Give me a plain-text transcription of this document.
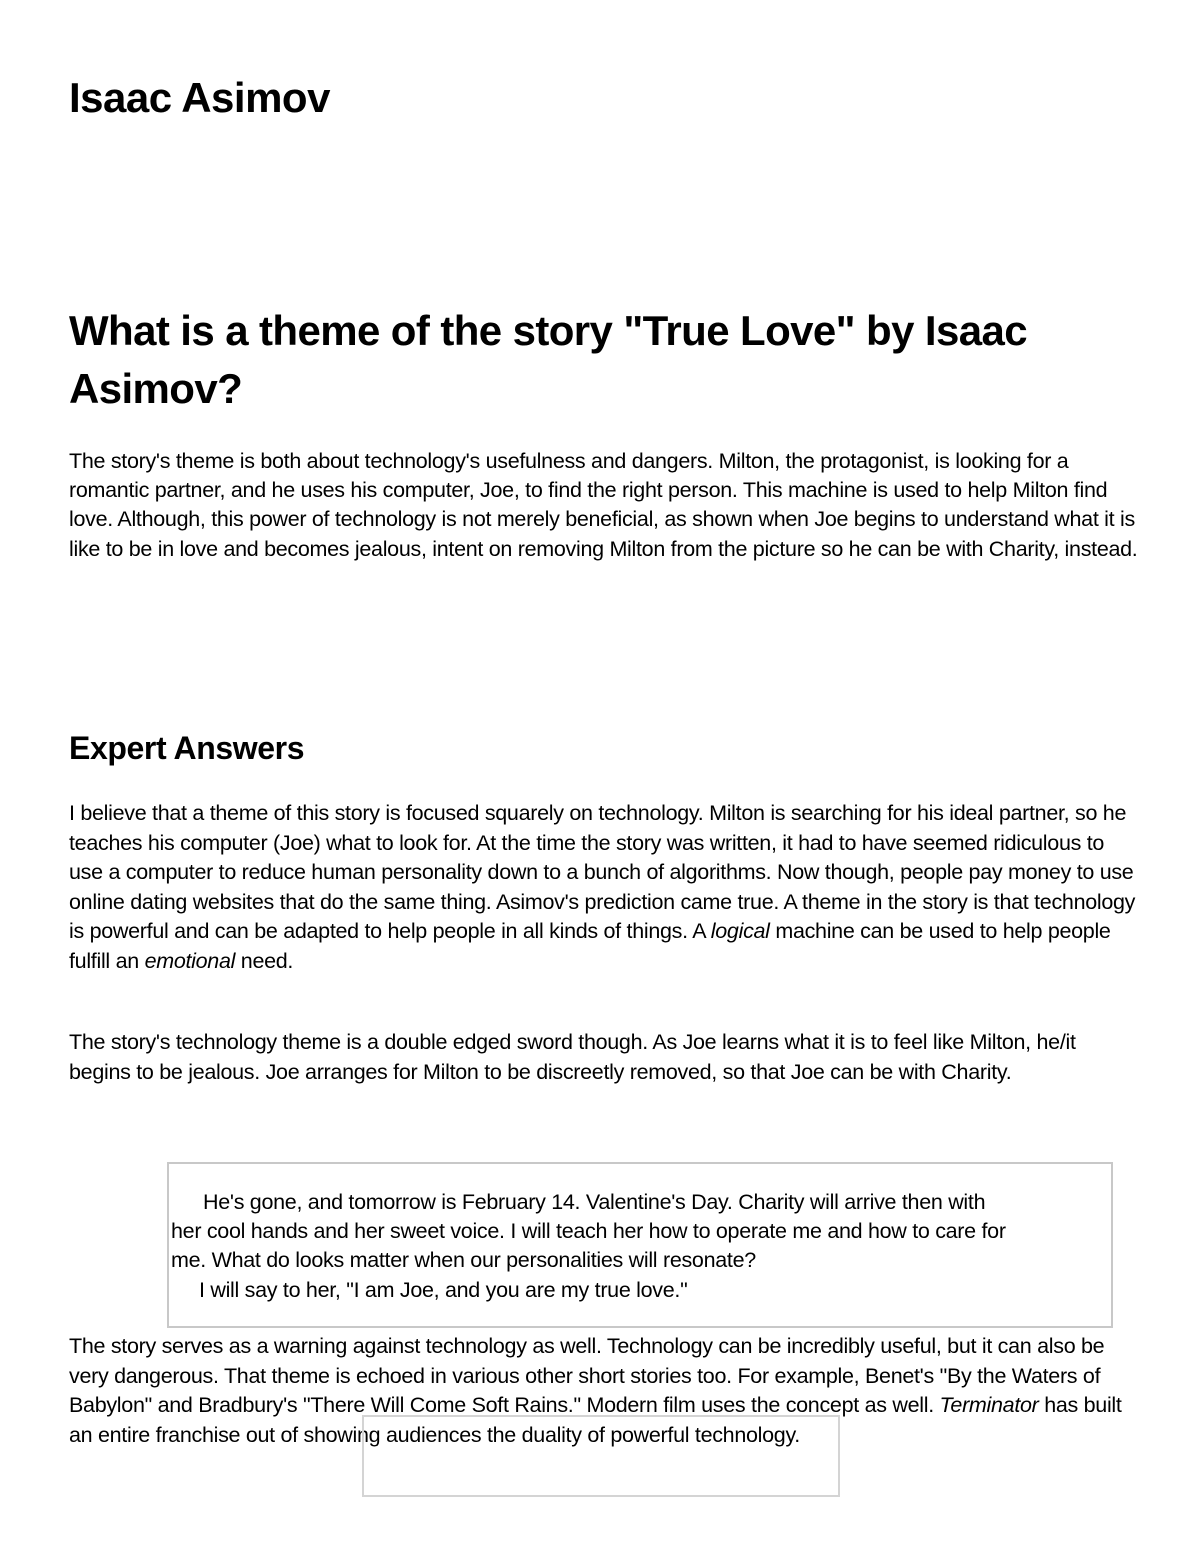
Isaac Asimov
What is a theme of the story "True Love" by Isaac Asimov?

The story's theme is both about technology's usefulness and dangers. Milton, the protagonist, is looking for a romantic partner, and he uses his computer, Joe, to find the right person. This machine is used to help Milton find love. Although, this power of technology is not merely beneficial, as shown when Joe begins to understand what it is like to be in love and becomes jealous, intent on removing Milton from the picture so he can be with Charity, instead.

Expert Answers

I believe that a theme of this story is focused squarely on technology. Milton is searching for his ideal partner, so he teaches his computer (Joe) what to look for. At the time the story was written, it had to have seemed ridiculous to use a computer to reduce human personality down to a bunch of algorithms. Now though, people pay money to use online dating websites that do the same thing. Asimov's prediction came true. A theme in the story is that technology is powerful and can be adapted to help people in all kinds of things. A logical machine can be used to help people fulfill an emotional need.

The story's technology theme is a double edged sword though. As Joe learns what it is to feel like Milton, he/it begins to be jealous. Joe arranges for Milton to be discreetly removed, so that Joe can be with Charity.

He's gone, and tomorrow is February 14. Valentine's Day. Charity will arrive then with
her cool hands and her sweet voice. I will teach her how to operate me and how to care for
me. What do looks matter when our personalities will resonate?
I will say to her, "I am Joe, and you are my true love."

The story serves as a warning against technology as well. Technology can be incredibly useful, but it can also be very dangerous. That theme is echoed in various other short stories too. For example, Benet's "By the Waters of Babylon" and Bradbury's "There Will Come Soft Rains." Modern film uses the concept as well. Terminator has built an entire franchise out of showing audiences the duality of powerful technology.
